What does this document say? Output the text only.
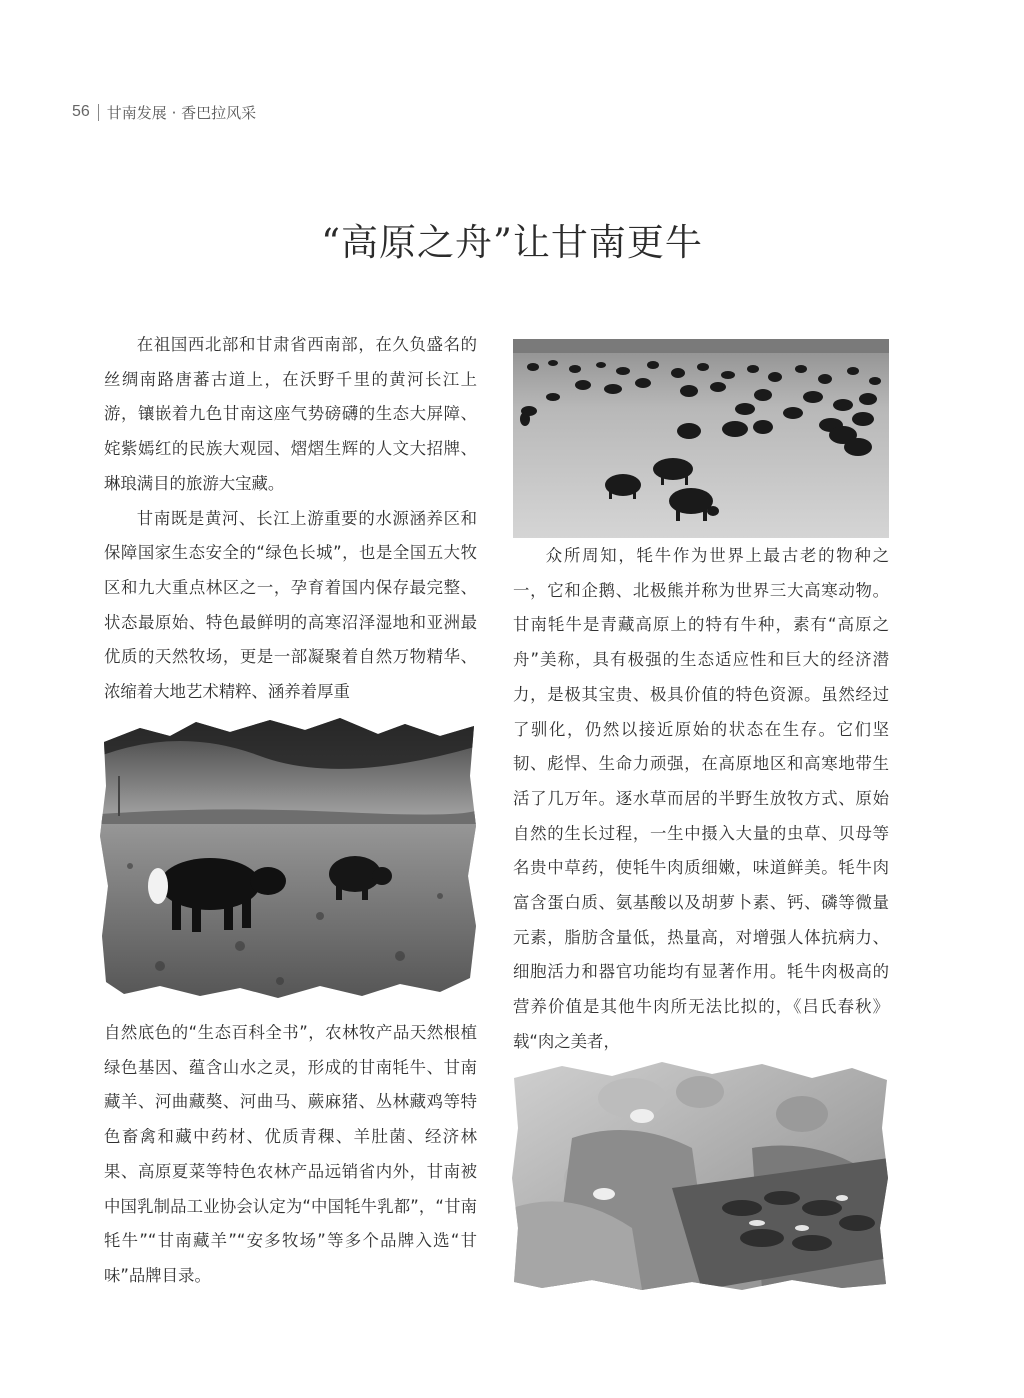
56 甘南发展 · 香巴拉风采
“高原之舟”让甘南更牛

在祖国西北部和甘肃省西南部，在久负盛名的丝绸南路唐蕃古道上，在沃野千里的黄河长江上游，镶嵌着九色甘南这座气势磅礴的生态大屏障、姹紫嫣红的民族大观园、熠熠生辉的人文大招牌、琳琅满目的旅游大宝藏。

甘南既是黄河、长江上游重要的水源涵养区和保障国家生态安全的“绿色长城”，也是全国五大牧区和九大重点林区之一，孕育着国内保存最完整、状态最原始、特色最鲜明的高寒沼泽湿地和亚洲最优质的天然牧场，更是一部凝聚着自然万物精华、浓缩着大地艺术精粹、涵养着厚重

自然底色的“生态百科全书”，农林牧产品天然根植绿色基因、蕴含山水之灵，形成的甘南牦牛、甘南藏羊、河曲藏獒、河曲马、蕨麻猪、丛林藏鸡等特色畜禽和藏中药材、优质青稞、羊肚菌、经济林果、高原夏菜等特色农林产品远销省内外，甘南被中国乳制品工业协会认定为“中国牦牛乳都”，“甘南牦牛”“甘南藏羊”“安多牧场”等多个品牌入选“甘味”品牌目录。

众所周知，牦牛作为世界上最古老的物种之一，它和企鹅、北极熊并称为世界三大高寒动物。甘南牦牛是青藏高原上的特有牛种，素有“高原之舟”美称，具有极强的生态适应性和巨大的经济潜力，是极其宝贵、极具价值的特色资源。虽然经过了驯化，仍然以接近原始的状态在生存。它们坚韧、彪悍、生命力顽强，在高原地区和高寒地带生活了几万年。逐水草而居的半野生放牧方式、原始自然的生长过程，一生中摄入大量的虫草、贝母等名贵中草药，使牦牛肉质细嫩，味道鲜美。牦牛肉富含蛋白质、氨基酸以及胡萝卜素、钙、磷等微量元素，脂肪含量低，热量高，对增强人体抗病力、细胞活力和器官功能均有显著作用。牦牛肉极高的营养价值是其他牛肉所无法比拟的，《吕氏春秋》载“肉之美者，
